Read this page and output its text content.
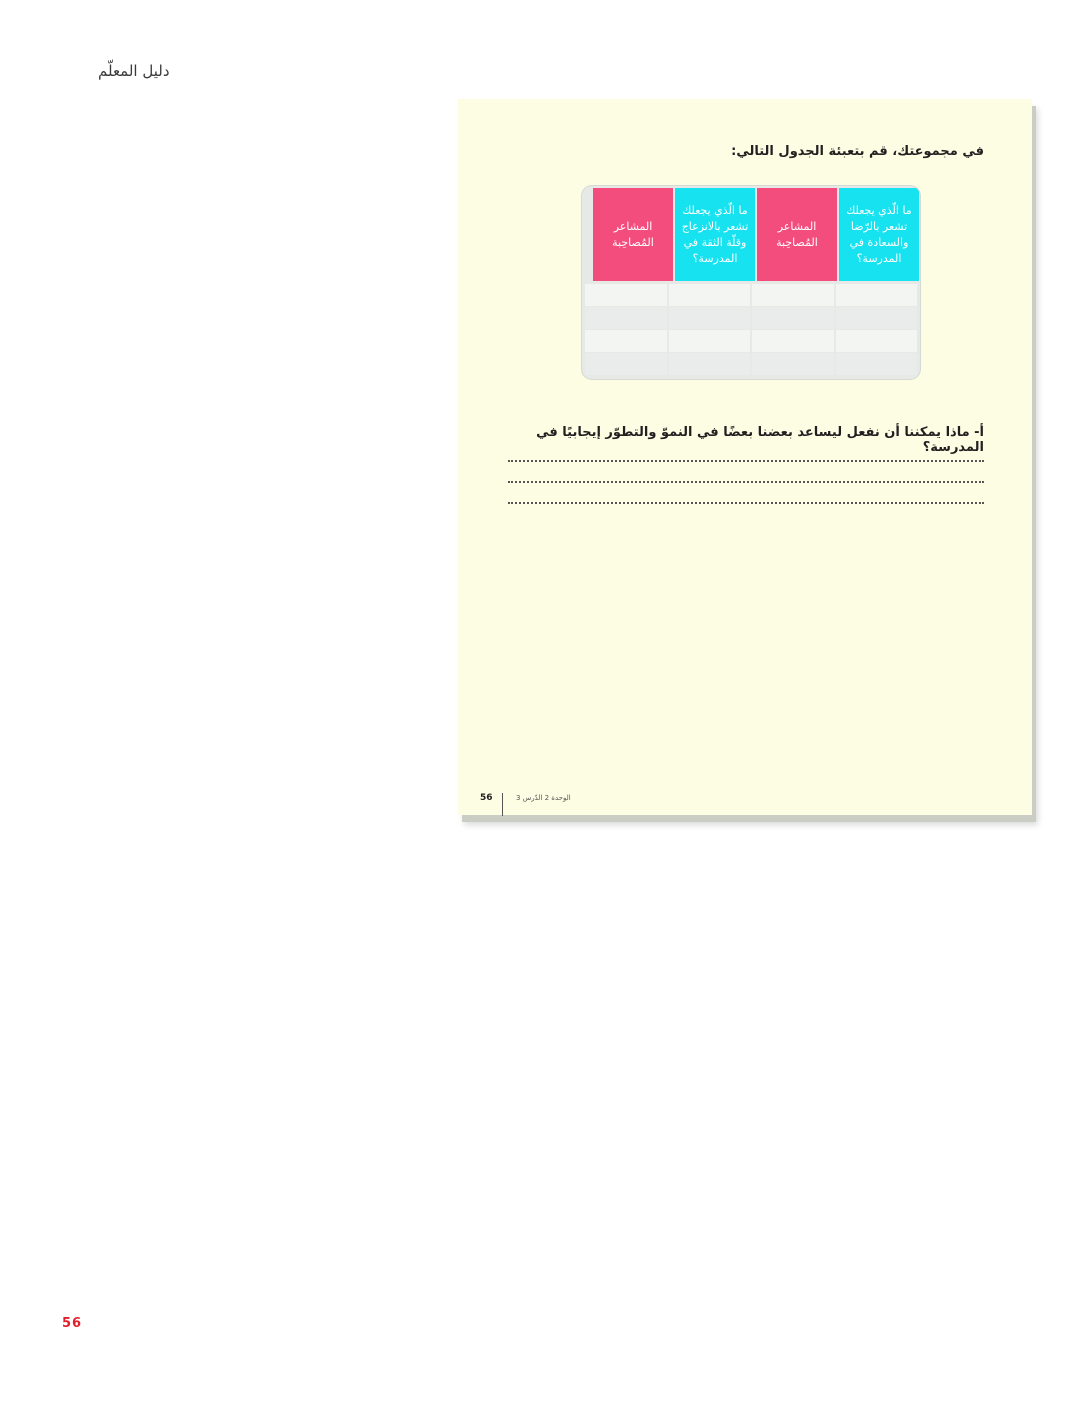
دليل المعلّم
في مجموعتك، قم بتعبئة الجدول التالي:
ما الّذي يجعلك تشعر بالرّضا والسعادة في المدرسة؟
المشاعر المُصاحِبة
ما الّذي يجعلك تشعر بالانزعاج وقلّة الثقة في المدرسة؟
المشاعر المُصاحِبة
أ- ماذا يمكننا أن نفعل ليساعد بعضنا بعضًا في النموّ والتطوّر إيجابيًا في المدرسة؟
56	الوحدة 2 الدّرس 3
56
